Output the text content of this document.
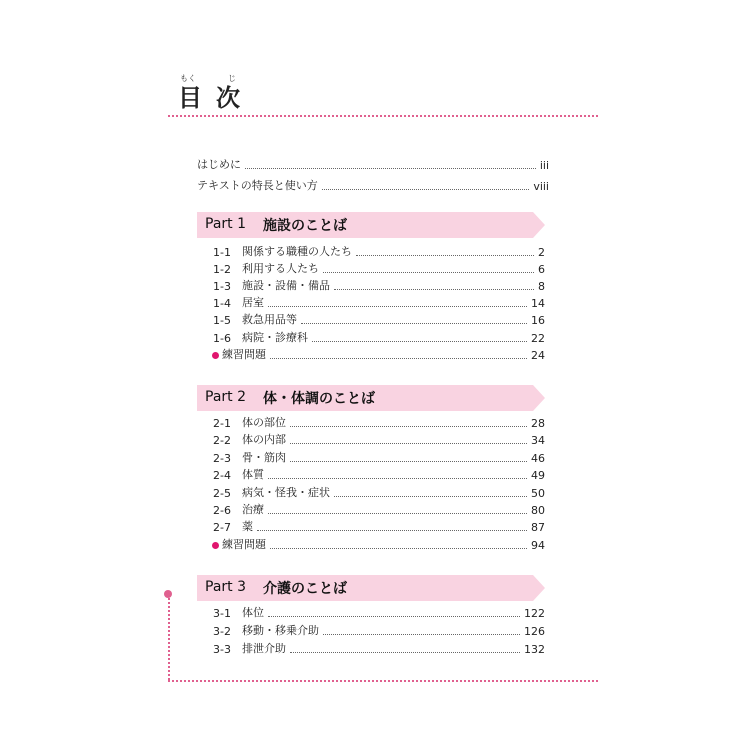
もく
目
じ
次
はじめに	iii
テキストの特長と使い方	viii
Part 1 施設のことば
1-1	関係する職種の人たち	2
1-2	利用する人たち	6
1-3	施設・設備・備品	8
1-4	居室	14
1-5	救急用品等	16
1-6	病院・診療科	22
練習問題	24
Part 2 体・体調のことば
2-1	体の部位	28
2-2	体の内部	34
2-3	骨・筋肉	46
2-4	体質	49
2-5	病気・怪我・症状	50
2-6	治療	80
2-7	薬	87
練習問題	94
Part 3 介護のことば
3-1	体位	122
3-2	移動・移乗介助	126
3-3	排泄介助	132
